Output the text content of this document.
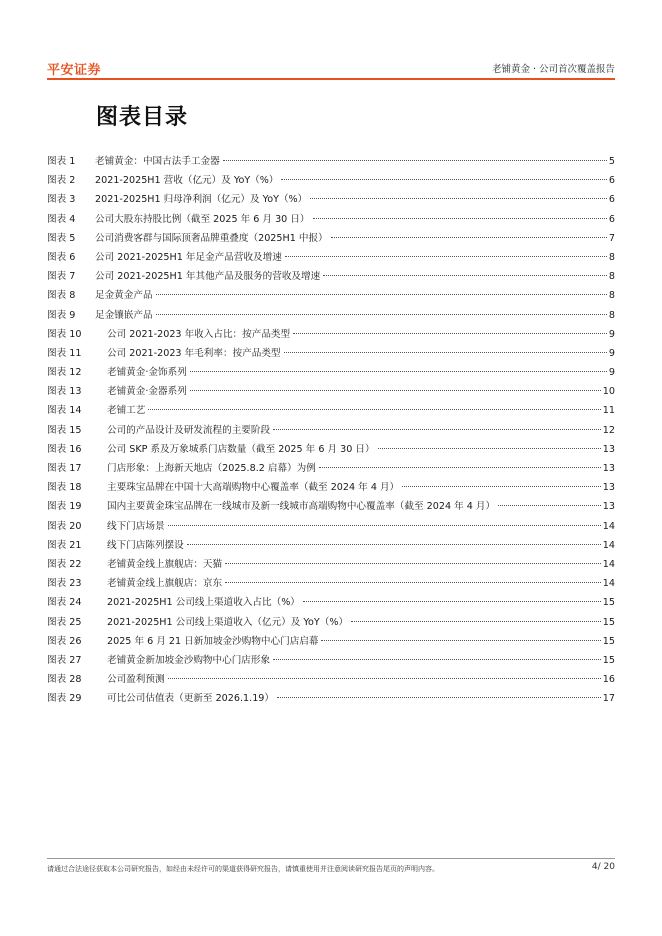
平安证券	老铺黄金 · 公司首次覆盖报告
图表目录
图表 1	老铺黄金：中国古法手工金器	5
图表 2	2021-2025H1 营收（亿元）及 YoY（%）	6
图表 3	2021-2025H1 归母净利润（亿元）及 YoY（%）	6
图表 4	公司大股东持股比例（截至 2025 年 6 月 30 日）	6
图表 5	公司消费客群与国际顶奢品牌重叠度（2025H1 中报）	7
图表 6	公司 2021-2025H1 年足金产品营收及增速	8
图表 7	公司 2021-2025H1 年其他产品及服务的营收及增速	8
图表 8	足金黄金产品	8
图表 9	足金镶嵌产品	8
图表 10	公司 2021-2023 年收入占比：按产品类型	9
图表 11	公司 2021-2023 年毛利率：按产品类型	9
图表 12	老铺黄金·金饰系列	9
图表 13	老铺黄金·金器系列	10
图表 14	老铺工艺	11
图表 15	公司的产品设计及研发流程的主要阶段	12
图表 16	公司 SKP 系及万象城系门店数量（截至 2025 年 6 月 30 日）	13
图表 17	门店形象：上海新天地店（2025.8.2 启幕）为例	13
图表 18	主要珠宝品牌在中国十大高端购物中心覆盖率（截至 2024 年 4 月）	13
图表 19	国内主要黄金珠宝品牌在一线城市及新一线城市高端购物中心覆盖率（截至 2024 年 4 月）	13
图表 20	线下门店场景	14
图表 21	线下门店陈列摆设	14
图表 22	老铺黄金线上旗舰店：天猫	14
图表 23	老铺黄金线上旗舰店：京东	14
图表 24	2021-2025H1 公司线上渠道收入占比（%）	15
图表 25	2021-2025H1 公司线上渠道收入（亿元）及 YoY（%）	15
图表 26	2025 年 6 月 21 日新加坡金沙购物中心门店启幕	15
图表 27	老铺黄金新加坡金沙购物中心门店形象	15
图表 28	公司盈利预测	16
图表 29	可比公司估值表（更新至 2026.1.19）	17
请通过合法途径获取本公司研究报告，如经由未经许可的渠道获得研究报告，请慎重使用并注意阅读研究报告尾页的声明内容。	4/ 20
